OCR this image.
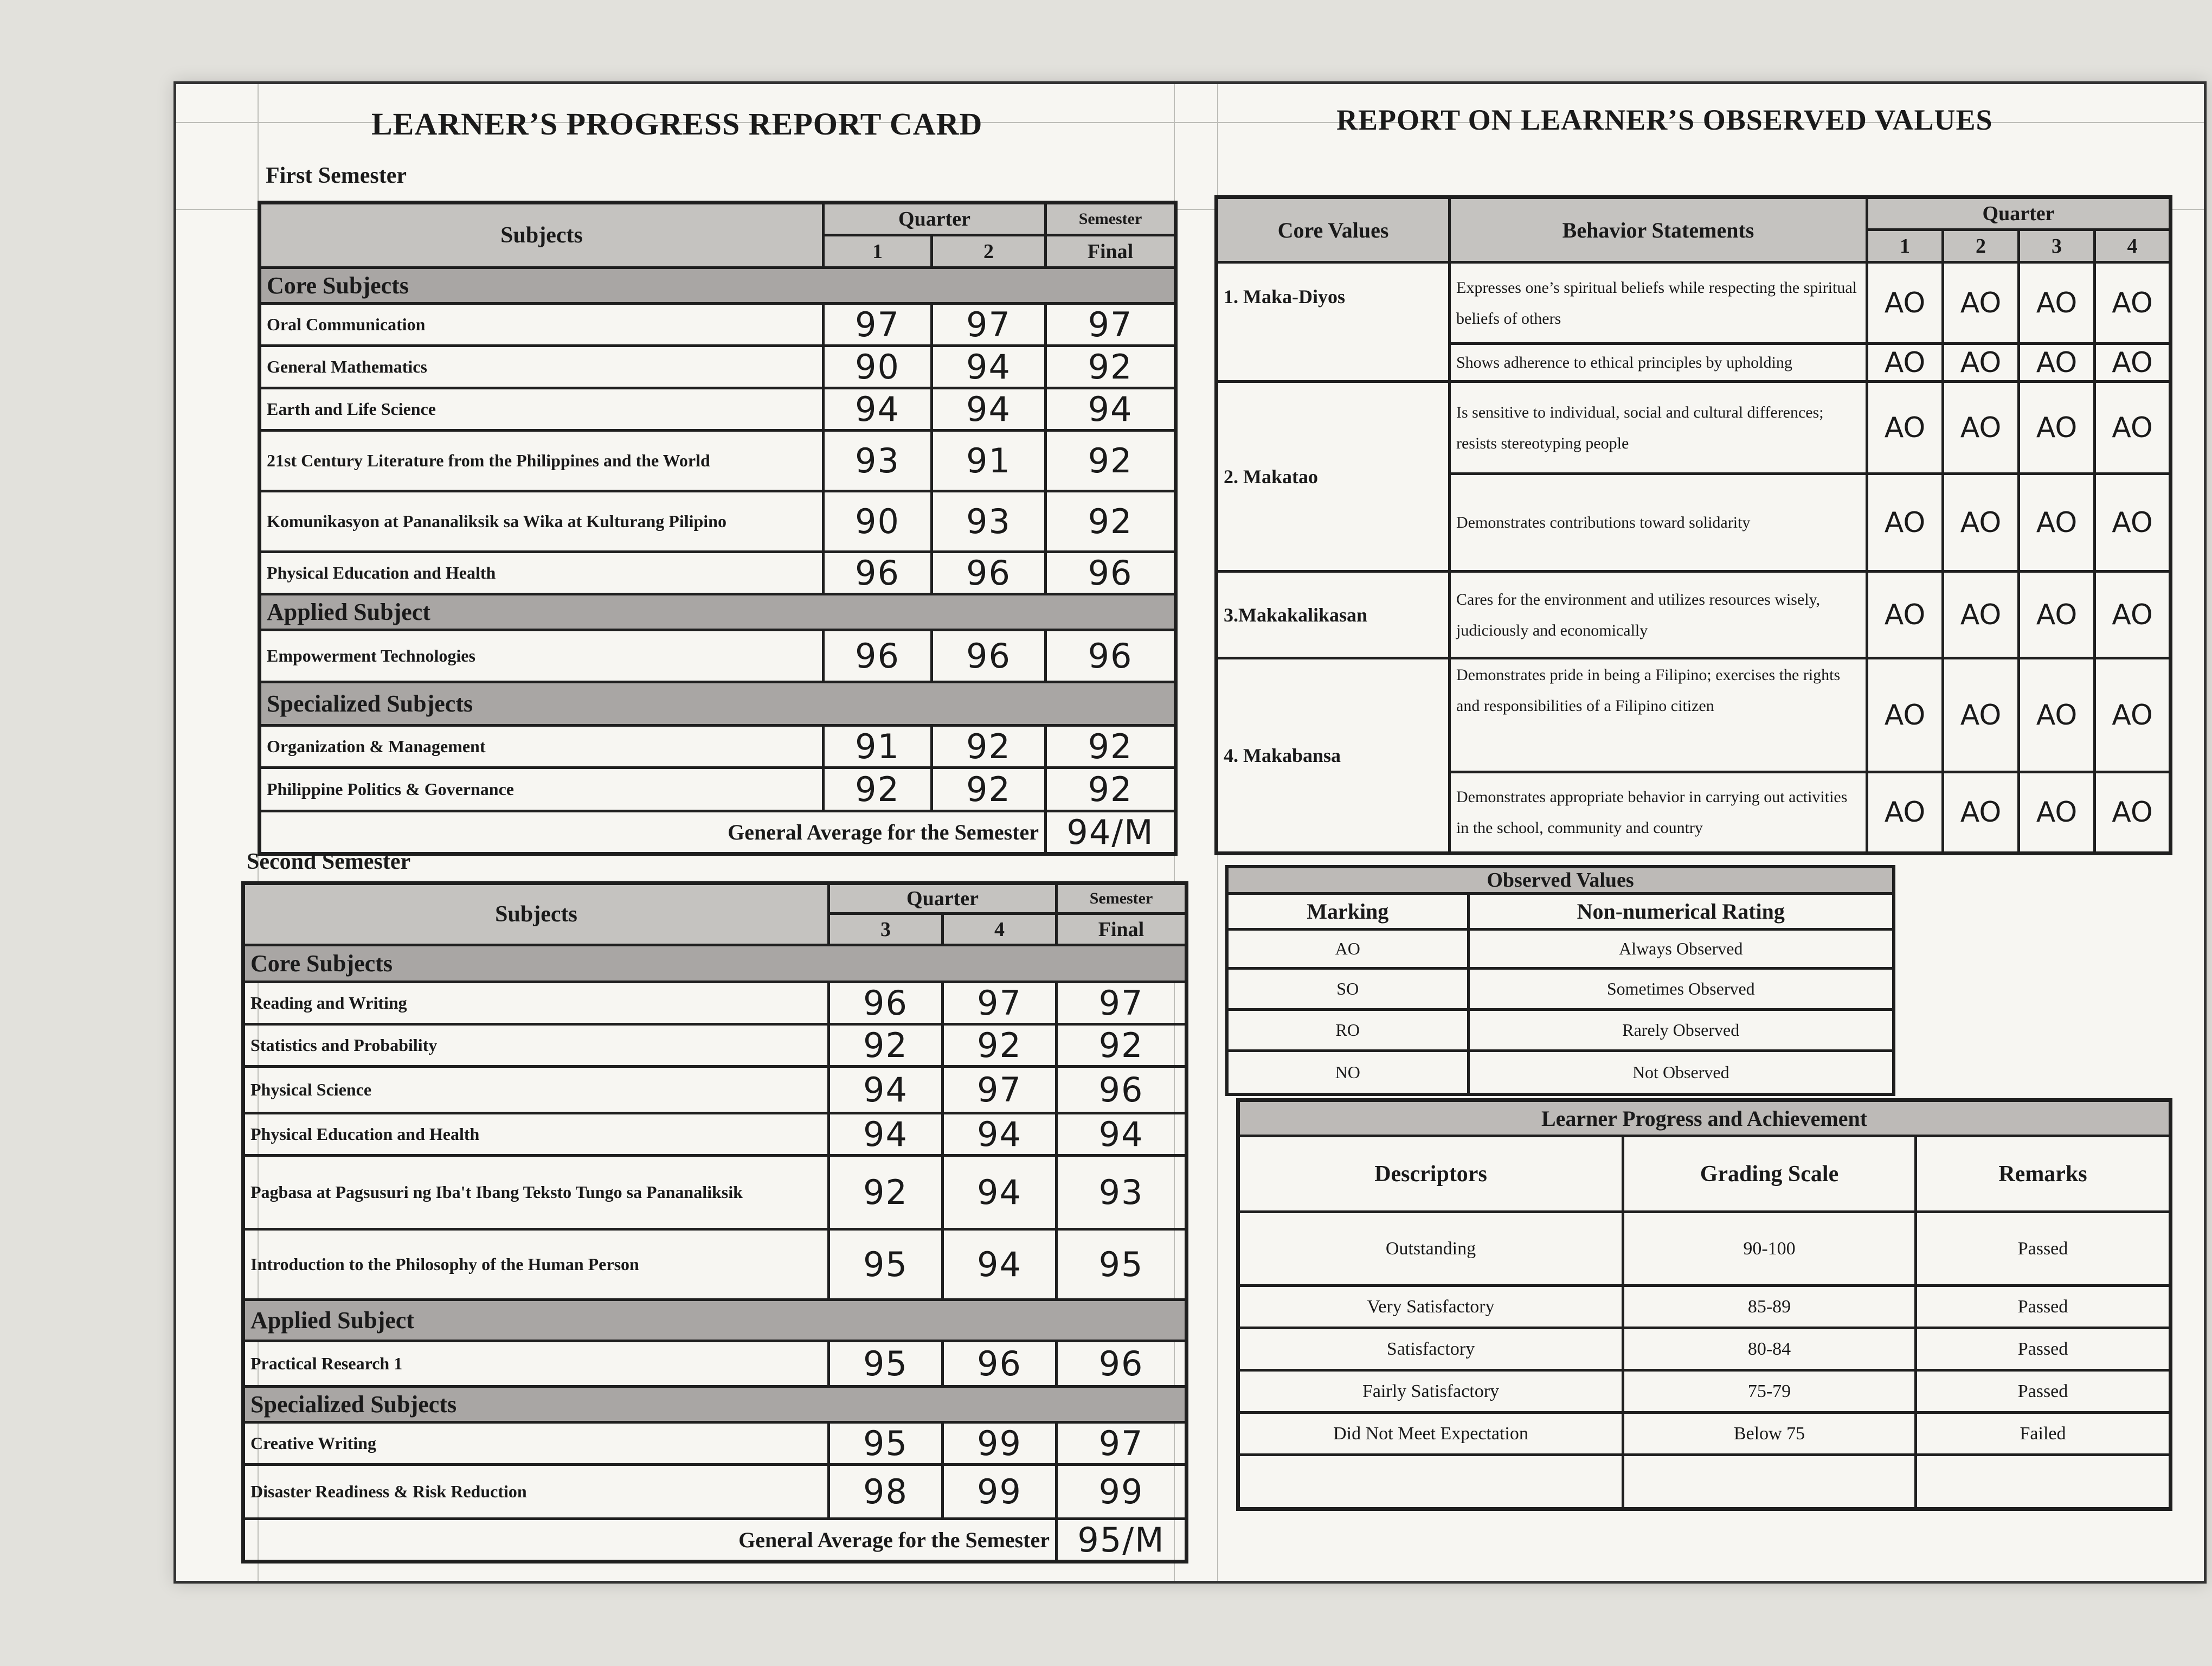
LEARNER’S PROGRESS REPORT CARD
First Semester
Subjects	Quarter		Semester
	1	2	Final
Core Subjects			
Oral Communication	97	97	97
General Mathematics	90	94	92
Earth and Life Science	94	94	94
21st Century Literature from the Philippines and the World	93	91	92
Komunikasyon at Pananaliksik sa Wika at Kulturang Pilipino	90	93	92
Physical Education and Health	96	96	96
Applied Subject			
Empowerment Technologies	96	96	96
Specialized Subjects			
Organization & Management	91	92	92
Philippine Politics & Governance	92	92	92
General Average for the Semester			94/M
Second Semester
Subjects	Quarter		Semester
	3	4	Final
Core Subjects			
Reading and Writing	96	97	97
Statistics and Probability	92	92	92
Physical Science	94	97	96
Physical Education and Health	94	94	94
Pagbasa at Pagsusuri ng Iba't Ibang Teksto Tungo sa Pananaliksik	92	94	93
Introduction to the Philosophy of the Human Person	95	94	95
Applied Subject			
Practical Research 1	95	96	96
Specialized Subjects			
Creative Writing	95	99	97
Disaster Readiness & Risk Reduction	98	99	99
General Average for the Semester			95/M
REPORT ON LEARNER’S OBSERVED VALUES
Core Values	Behavior Statements	Quarter			
		1	2	3	4
1. Maka-Diyos	Expresses one’s spiritual beliefs while respecting the spiritual beliefs of others	AO	AO	AO	AO
	Shows adherence to ethical principles by upholding	AO	AO	AO	AO
2. Makatao	Is sensitive to individual, social and cultural differences; resists stereotyping people	AO	AO	AO	AO
	Demonstrates contributions toward solidarity	AO	AO	AO	AO
3.Makakalikasan	Cares for the environment and utilizes resources wisely, judiciously and economically	AO	AO	AO	AO
4. Makabansa	Demonstrates pride in being a Filipino; exercises the rights and responsibilities of a Filipino citizen	AO	AO	AO	AO
	Demonstrates appropriate behavior in carrying out activities in the school, community and country	AO	AO	AO	AO
Observed Values	
Marking	Non-numerical Rating
AO	Always Observed
SO	Sometimes Observed
RO	Rarely Observed
NO	Not Observed
Learner Progress and Achievement		
Descriptors	Grading Scale	Remarks
Outstanding	90-100	Passed
Very Satisfactory	85-89	Passed
Satisfactory	80-84	Passed
Fairly Satisfactory	75-79	Passed
Did Not Meet Expectation	Below 75	Failed
